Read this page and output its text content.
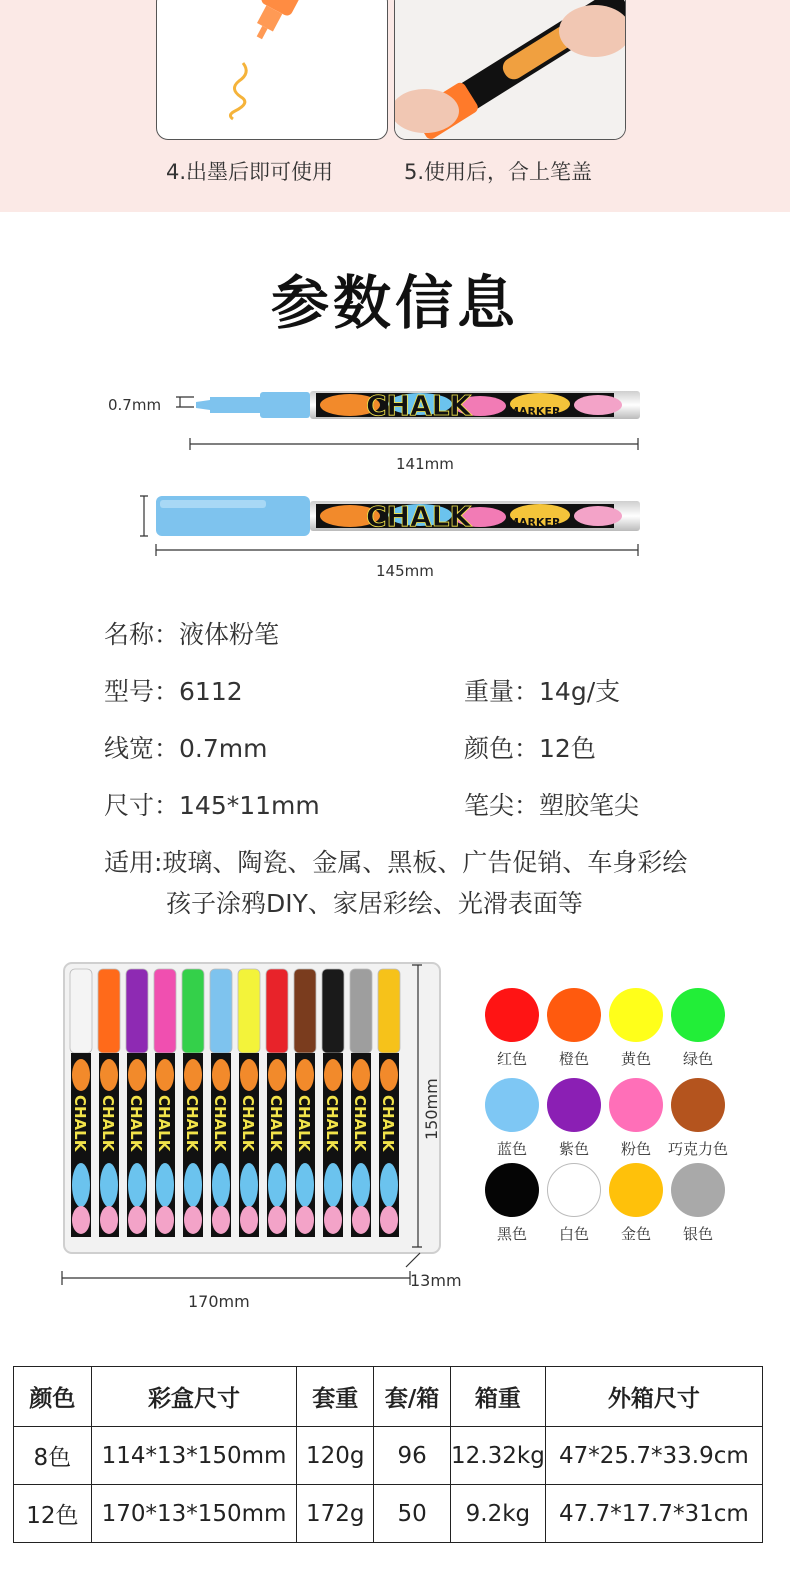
4.出墨后即可使用	5.使用后，合上笔盖
参数信息
CHALK	MARKER
CHALK	MARKER
0.7mm
141mm
145mm
名称：液体粉笔
型号：6112	重量：14g/支
线宽：0.7mm	颜色：12色
尺寸：145*11mm	笔尖：塑胶笔尖
适用:玻璃、陶瓷、金属、黑板、广告促销、车身彩绘
孩子涂鸦DIY、家居彩绘、光滑表面等
CHALK CHALK CHALK CHALK CHALK CHALK CHALK CHALK CHALK CHALK CHALK CHALK 150mm
170mm
13mm
红色	橙色	黄色	绿色
蓝色	紫色	粉色	巧克力色
黑色	白色	金色	银色
颜色	彩盒尺寸	套重	套/箱	箱重	外箱尺寸
8色	114*13*150mm	120g	96	12.32kg	47*25.7*33.9cm
12色	170*13*150mm	172g	50	9.2kg	47.7*17.7*31cm
